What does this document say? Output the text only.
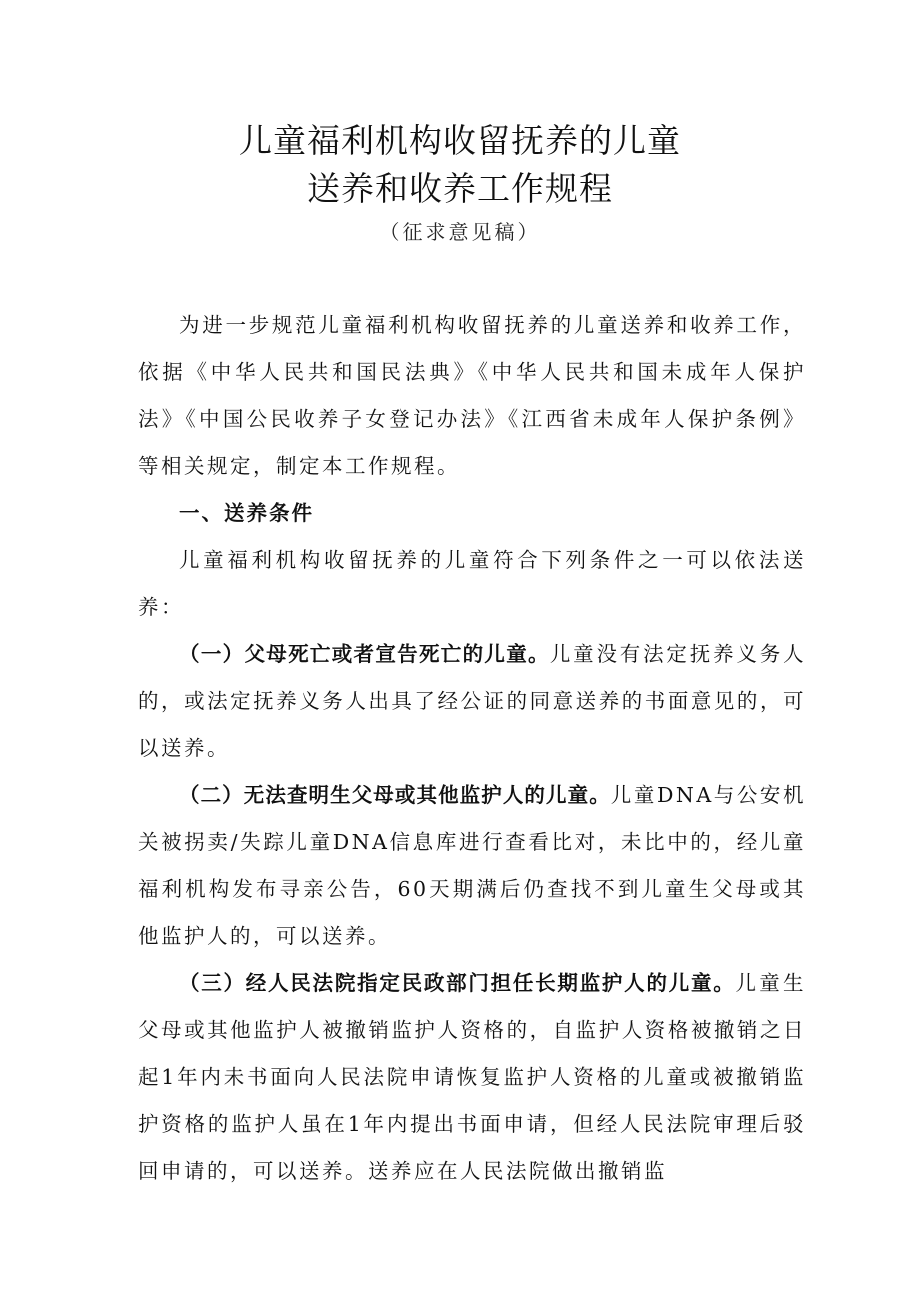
儿童福利机构收留抚养的儿童
送养和收养工作规程
（征求意见稿）

为进一步规范儿童福利机构收留抚养的儿童送养和收养工作，依据《中华人民共和国民法典》《中华人民共和国未成年人保护法》《中国公民收养子女登记办法》《江西省未成年人保护条例》等相关规定，制定本工作规程。

一、送养条件

儿童福利机构收留抚养的儿童符合下列条件之一可以依法送养：

（一）父母死亡或者宣告死亡的儿童。儿童没有法定抚养义务人的，或法定抚养义务人出具了经公证的同意送养的书面意见的，可以送养。

（二）无法查明生父母或其他监护人的儿童。儿童DNA与公安机关被拐卖/失踪儿童DNA信息库进行查看比对，未比中的，经儿童福利机构发布寻亲公告，60天期满后仍查找不到儿童生父母或其他监护人的，可以送养。

（三）经人民法院指定民政部门担任长期监护人的儿童。儿童生父母或其他监护人被撤销监护人资格的，自监护人资格被撤销之日起1年内未书面向人民法院申请恢复监护人资格的儿童或被撤销监护资格的监护人虽在1年内提出书面申请，但经人民法院审理后驳回申请的，可以送养。送养应在人民法院做出撤销监
